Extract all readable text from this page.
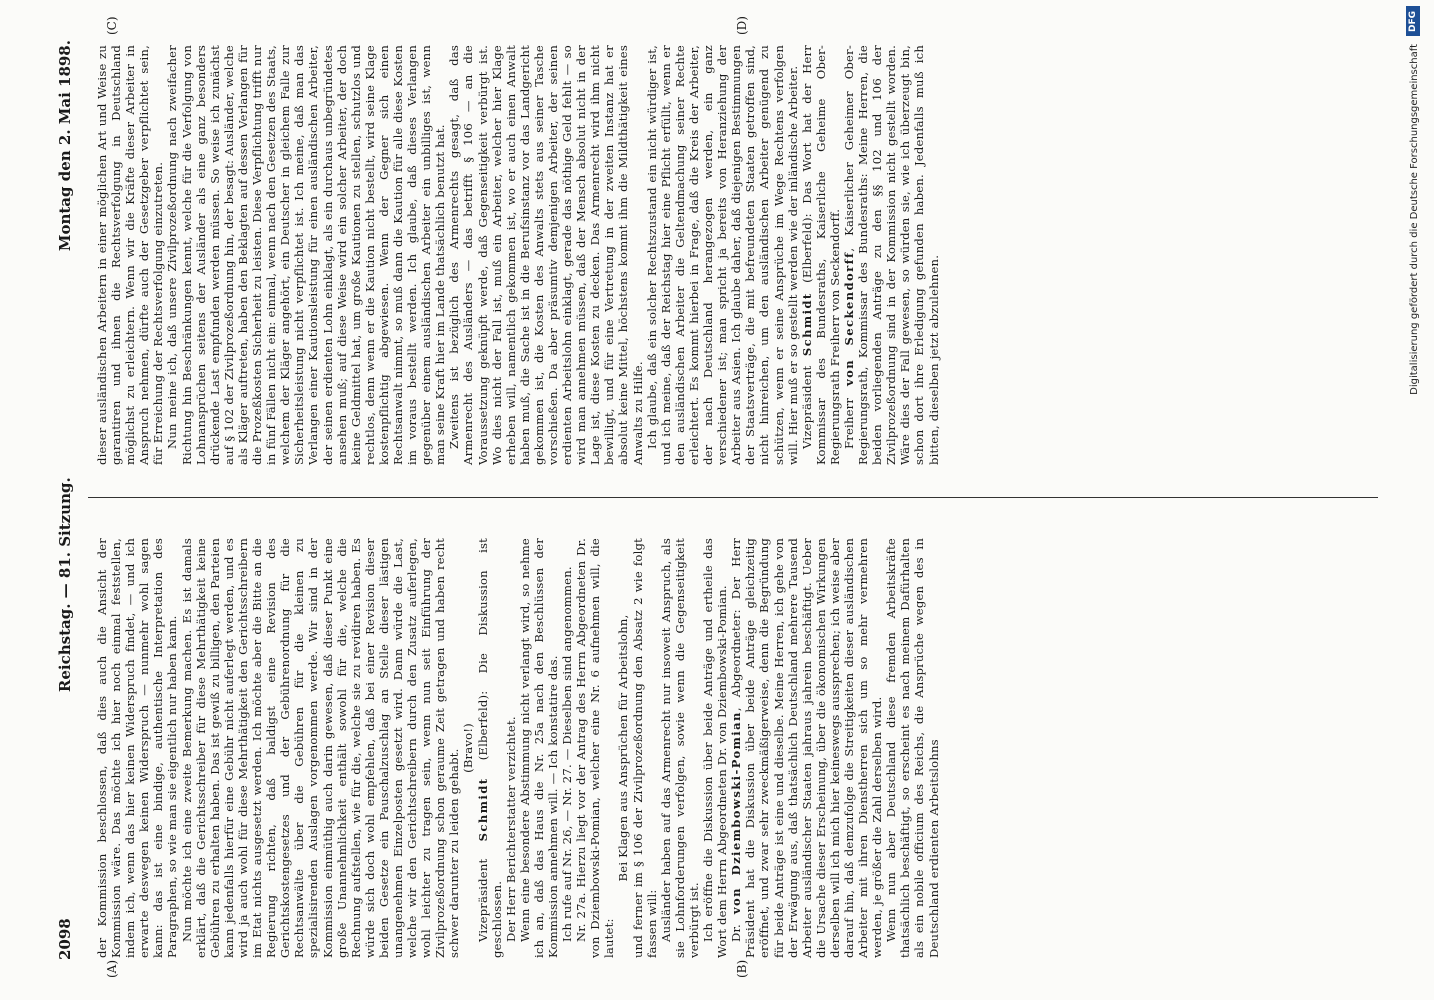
2098
Reichstag. — 81. Sitzung.
Montag den 2. Mai 1898.
(A)	(B)
(C)	(D)

der Kommission beschlossen, daß dies auch die Ansicht der Kommission wäre. Das möchte ich hier noch einmal feststellen, indem ich, wenn das hier keinen Widerspruch findet, — und ich erwarte deswegen keinen Widerspruch — nunmehr wohl sagen kann: das ist eine bindige, authentische Interpretation des Paragraphen, so wie man sie eigentlich nur haben kann. Nun möchte ich eine zweite Bemerkung machen. Es ist damals erklärt, daß die Gerichtsschreiber für diese Mehrthätigkeit keine Gebühren zu erhalten haben. Das ist gewiß zu billigen, den Parteien kann jedenfalls hierfür eine Gebühr nicht auferlegt werden, und es wird ja auch wohl für diese Mehrthätigkeit den Gerichtsschreibern im Etat nichts ausgesetzt werden. Ich möchte aber die Bitte an die Regierung richten, daß baldigst eine Revision des Gerichtskostengesetzes und der Gebührenordnung für die Rechtsanwälte über die Gebühren für die kleinen zu spezialisirenden Auslagen vorgenommen werde. Wir sind in der Kommission einmüthig auch darin gewesen, daß dieser Punkt eine große Unannehmlichkeit enthält sowohl für die, welche die Rechnung aufstellen, wie für die, welche sie zu revidiren haben. Es würde sich doch wohl empfehlen, daß bei einer Revision dieser beiden Gesetze ein Pauschalzuschlag an Stelle dieser lästigen unangenehmen Einzelposten gesetzt wird. Dann würde die Last, welche wir den Gerichtschreibern durch den Zusatz auferlegen, wohl leichter zu tragen sein, wenn nun seit Einführung der Zivilprozeßordnung schon geraume Zeit getragen und haben recht schwer darunter zu leiden gehabt.

(Bravo!)

Vizepräsident Schmidt (Elberfeld): Die Diskussion ist geschlossen. Der Herr Berichterstatter verzichtet. Wenn eine besondere Abstimmung nicht verlangt wird, so nehme ich an, daß das Haus die Nr. 25a nach den Beschlüssen der Kommission annehmen will. — Ich konstatire das. Ich rufe auf Nr. 26, — Nr. 27. — Dieselben sind angenommen. Nr. 27a. Hierzu liegt vor der Antrag des Herrn Abgeordneten Dr. von Dziembowski-Pomian, welcher eine Nr. 6 aufnehmen will, die lautet:

Bei Klagen aus Ansprüchen für Arbeitslohn, und ferner im § 106 der Zivilprozeßordnung den Absatz 2 wie folgt fassen will: Ausländer haben auf das Armenrecht nur insoweit Anspruch, als sie Lohnforderungen verfolgen, sowie wenn die Gegenseitigkeit verbürgt ist. Ich eröffne die Diskussion über beide Anträge und ertheile das Wort dem Herrn Abgeordneten Dr. von Dziembowski-Pomian. Dr. von Dziembowski-Pomian, Abgeordneter: Der Herr Präsident hat die Diskussion über beide Anträge gleichzeitig eröffnet, und zwar sehr zweckmäßigerweise, denn die Begründung für beide Anträge ist eine und dieselbe. Meine Herren, ich gehe von der Erwägung aus, daß thatsächlich Deutschland mehrere Tausend Arbeiter ausländischer Staaten jahraus jahrein beschäftigt. Ueber die Ursache dieser Erscheinung, über die ökonomischen Wirkungen derselben will ich mich hier keineswegs aussprechen; ich weise aber darauf hin, daß demzufolge die Streitigkeiten dieser ausländischen Arbeiter mit ihren Dienstherren sich um so mehr vermehren werden, je größer die Zahl derselben wird. Wenn nun aber Deutschland diese fremden Arbeitskräfte thatsächlich beschäftigt, so erscheint es nach meinem Dafürhalten als ein nobile officium des Reichs, die Ansprüche wegen des in Deutschland erdienten Arbeitslohns

dieser ausländischen Arbeitern in einer möglichen Art und Weise zu garantiren und ihnen die Rechtsverfolgung in Deutschland möglichst zu erleichtern. Wenn wir die Kräfte dieser Arbeiter in Anspruch nehmen, dürfte auch der Gesetzgeber verpflichtet sein, für Erreichung der Rechtsverfolgung einzutreten. Nun meine ich, daß unsere Zivilprozeßordnung nach zweifacher Richtung hin Beschränkungen kennt, welche für die Verfolgung von Lohnansprüchen seitens der Ausländer als eine ganz besonders drückende Last empfunden werden müssen. So weise ich zunächst auf § 102 der Zivilprozeßordnung hin, der besagt: Ausländer, welche als Kläger auftreten, haben den Beklagten auf dessen Verlangen für die Prozeßkosten Sicherheit zu leisten. Diese Verpflichtung trifft nur in fünf Fällen nicht ein: einmal, wenn nach den Gesetzen des Staats, welchem der Kläger angehört, ein Deutscher in gleichem Falle zur Sicherheitsleistung nicht verpflichtet ist. Ich meine, daß man das Verlangen einer Kautionsleistung für einen ausländischen Arbeiter, der seinen erdienten Lohn einklagt, als ein durchaus unbegründetes ansehen muß; auf diese Weise wird ein solcher Arbeiter, der doch keine Geldmittel hat, um große Kautionen zu stellen, schutzlos und rechtlos, denn wenn er die Kaution nicht bestellt, wird seine Klage kostenpflichtig abgewiesen. Wenn der Gegner sich einen Rechtsanwalt nimmt, so muß dann die Kaution für alle diese Kosten im voraus bestellt werden. Ich glaube, daß dieses Verlangen gegenüber einem ausländischen Arbeiter ein unbilliges ist, wenn man seine Kraft hier im Lande thatsächlich benutzt hat. Zweitens ist bezüglich des Armenrechts gesagt, daß das Armenrecht des Ausländers — das betrifft § 106 — an die Voraussetzung geknüpft werde, daß Gegenseitigkeit verbürgt ist. Wo dies nicht der Fall ist, muß ein Arbeiter, welcher hier Klage erheben will, namentlich gekommen ist, wo er auch einen Anwalt haben muß, die Sache ist in die Berufsinstanz vor das Landgericht gekommen ist, die Kosten des Anwalts stets aus seiner Tasche vorschießen. Da aber präsumtiv demjenigen Arbeiter, der seinen erdienten Arbeitslohn einklagt, gerade das nöthige Geld fehlt — so wird man annehmen müssen, daß der Mensch absolut nicht in der Lage ist, diese Kosten zu decken. Das Armenrecht wird ihm nicht bewilligt, und für eine Vertretung in der zweiten Instanz hat er absolut keine Mittel, höchstens kommt ihm die Mildthätigkeit eines Anwalts zu Hilfe. Ich glaube, daß ein solcher Rechtszustand ein nicht würdiger ist, und ich meine, daß der Reichstag hier eine Pflicht erfüllt, wenn er den ausländischen Arbeiter die Geltendmachung seiner Rechte erleichtert. Es kommt hierbei in Frage, daß die Kreis der Arbeiter, der nach Deutschland herangezogen werden, ein ganz verschiedener ist; man spricht ja bereits von Heranziehung der Arbeiter aus Asien. Ich glaube daher, daß diejenigen Bestimmungen der Staatsverträge, die mit befreundeten Staaten getroffen sind, nicht hinreichen, um den ausländischen Arbeiter genügend zu schützen, wenn er seine Ansprüche im Wege Rechtens verfolgen will. Hier muß er so gestellt werden wie der inländische Arbeiter. Vizepräsident Schmidt (Elberfeld): Das Wort hat der Herr Kommissar des Bundesraths, Kaiserliche Geheime Ober-Regierungsrath Freiherr von Seckendorff. Freiherr von Seckendorff, Kaiserlicher Geheimer Ober-Regierungsrath, Kommissar des Bundesraths: Meine Herren, die beiden vorliegenden Anträge zu den §§ 102 und 106 der Zivilprozeßordnung sind in der Kommission nicht gestellt worden. Wäre dies der Fall gewesen, so würden sie, wie ich überzeugt bin, schon dort ihre Erledigung gefunden haben. Jedenfalls muß ich bitten, dieselben jetzt abzulehnen.

DFG
Digitalisierung gefördert durch die Deutsche Forschungsgemeinschaft
